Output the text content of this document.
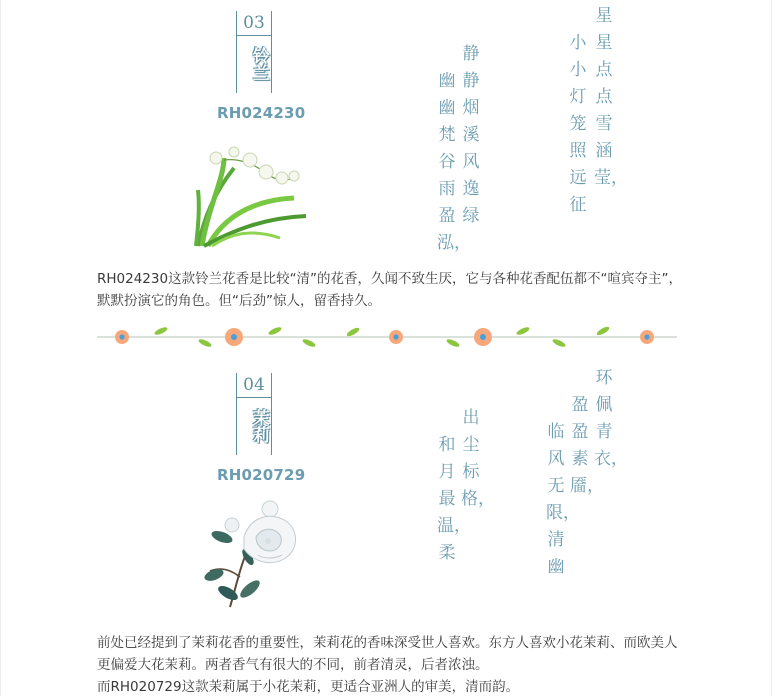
03
铃兰
RH024230
星星点点雪涵莹，
小小灯笼照远征
静静烟溪风逸绿
幽幽梵谷雨盈泓，

RH024230这款铃兰花香是比较“清”的花香，久闻不致生厌，它与各种花香配伍都不“喧宾夺主”，默默扮演它的角色。但“后劲”惊人，留香持久。

04
茉莉
RH020729
环佩青衣，
盈盈素靥，
临风无限，清幽
出尘标格，
和月最温，柔

前处已经提到了茉莉花香的重要性，茉莉花的香味深受世人喜欢。东方人喜欢小花茉莉、而欧美人更偏爱大花茉莉。两者香气有很大的不同，前者清灵，后者浓浊。
而RH020729这款茉莉属于小花茉莉，更适合亚洲人的审美，清而韵。
